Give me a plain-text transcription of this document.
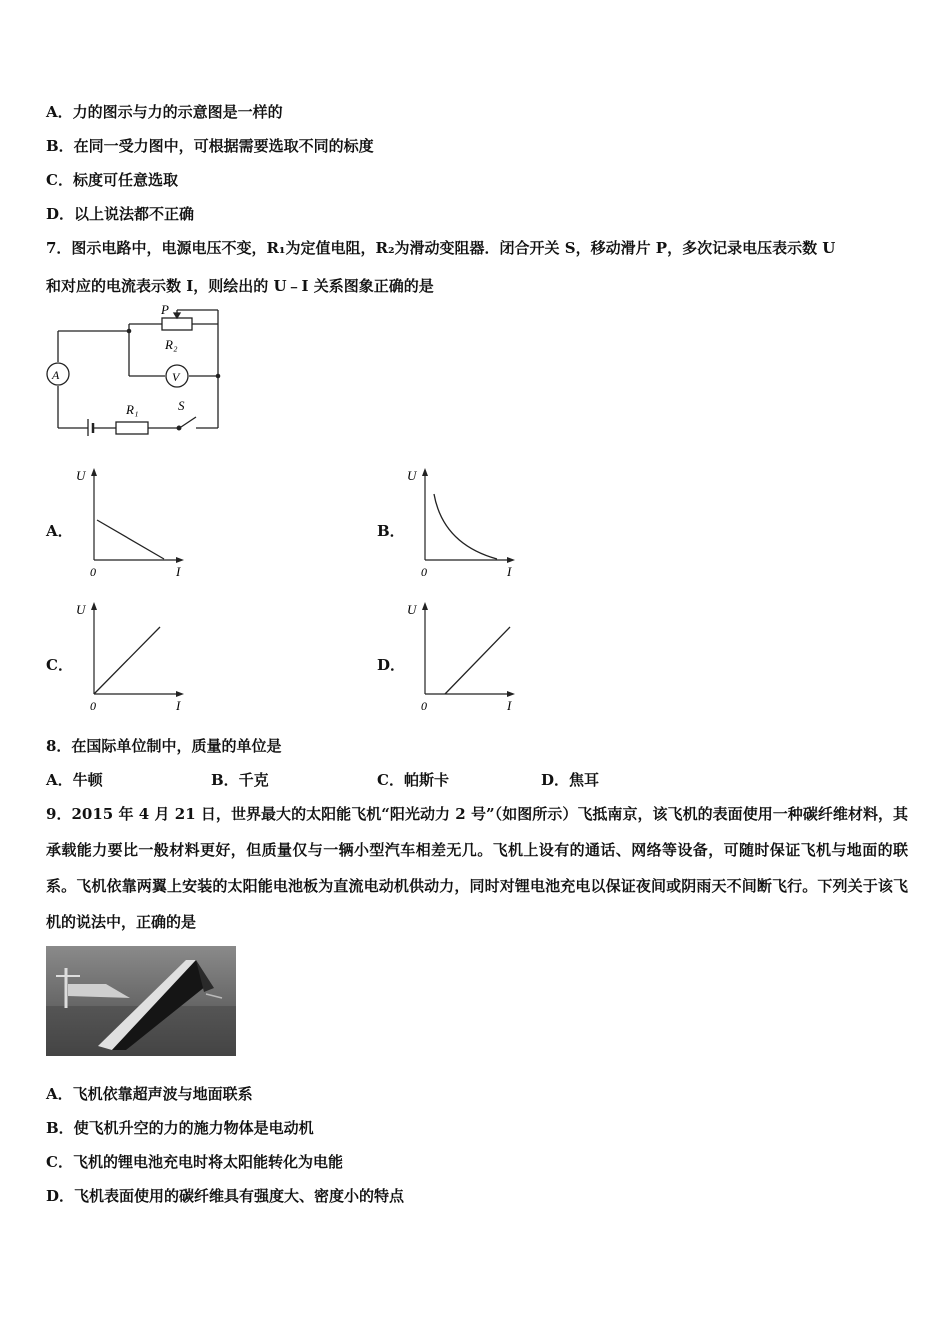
A．力的图示与力的示意图是一样的
B．在同一受力图中，可根据需要选取不同的标度
C．标度可任意选取
D．以上说法都不正确
7．图示电路中，电源电压不变，R₁为定值电阻，R₂为滑动变阻器．闭合开关 S，移动滑片 P，多次记录电压表示数 U
和对应的电流表示数 I，则绘出的 U﹣I 关系图象正确的是
P
R₂
A	V
R₁	S
A．	B．
C．	D．
U
0	I
U
0	I
U
0	I
U
0	I
8．在国际单位制中，质量的单位是
A．牛顿	B．千克	C．帕斯卡	D．焦耳
9．2015 年 4 月 21 日，世界最大的太阳能飞机“阳光动力 2 号”（如图所示）飞抵南京，该飞机的表面使用一种碳纤维材料，其承载能力要比一般材料更好，但质量仅与一辆小型汽车相差无几。飞机上设有的通话、网络等设备，可随时保证飞机与地面的联系。飞机依靠两翼上安装的太阳能电池板为直流电动机供动力，同时对锂电池充电以保证夜间或阴雨天不间断飞行。下列关于该飞机的说法中，正确的是
A．飞机依靠超声波与地面联系
B．使飞机升空的力的施力物体是电动机
C．飞机的锂电池充电时将太阳能转化为电能
D．飞机表面使用的碳纤维具有强度大、密度小的特点
